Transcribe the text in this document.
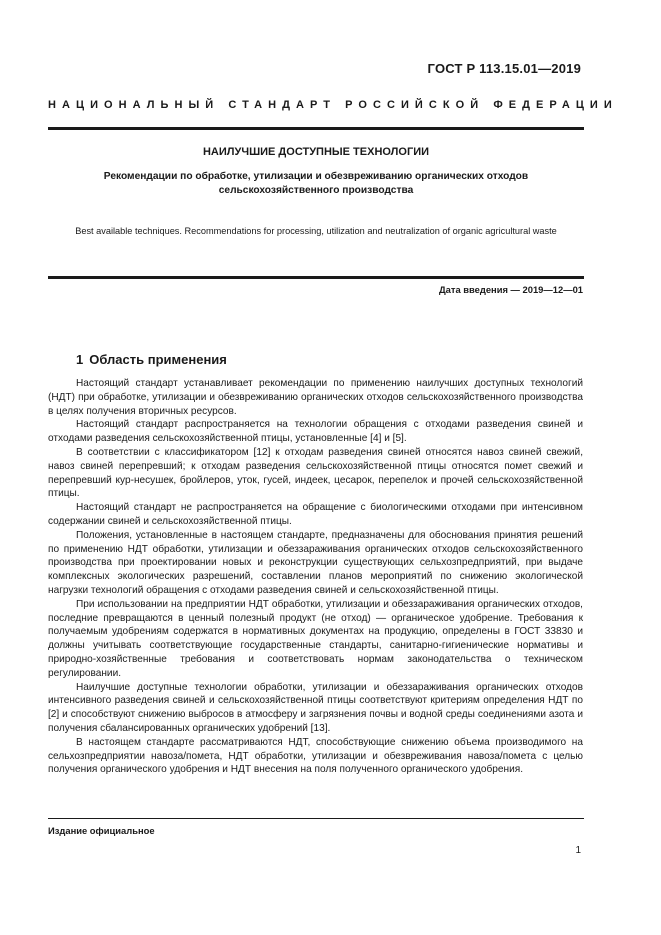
ГОСТ Р 113.15.01—2019
НАЦИОНАЛЬНЫЙ СТАНДАРТ РОССИЙСКОЙ ФЕДЕРАЦИИ
НАИЛУЧШИЕ ДОСТУПНЫЕ ТЕХНОЛОГИИ
Рекомендации по обработке, утилизации и обезвреживанию органических отходов сельскохозяйственного производства
Best available techniques. Recommendations for processing, utilization and neutralization of organic agricultural waste
Дата введения — 2019—12—01
1 Область применения

Настоящий стандарт устанавливает рекомендации по применению наилучших доступных технологий (НДТ) при обработке, утилизации и обезвреживанию органических отходов сельскохозяйственного производства в целях получения вторичных ресурсов.

Настоящий стандарт распространяется на технологии обращения с отходами разведения свиней и отходами разведения сельскохозяйственной птицы, установленные [4] и [5].

В соответствии с классификатором [12] к отходам разведения свиней относятся навоз свиней свежий, навоз свиней перепревший; к отходам разведения сельскохозяйственной птицы относятся помет свежий и перепревший кур-несушек, бройлеров, уток, гусей, индеек, цесарок, перепелок и прочей сельскохозяйственной птицы.

Настоящий стандарт не распространяется на обращение с биологическими отходами при интенсивном содержании свиней и сельскохозяйственной птицы.

Положения, установленные в настоящем стандарте, предназначены для обоснования принятия решений по применению НДТ обработки, утилизации и обеззараживания органических отходов сельскохозяйственного производства при проектировании новых и реконструкции существующих сельхозпредприятий, при выдаче комплексных экологических разрешений, составлении планов мероприятий по снижению экологической нагрузки технологий обращения с отходами разведения свиней и сельскохозяйственной птицы.

При использовании на предприятии НДТ обработки, утилизации и обеззараживания органических отходов, последние превращаются в ценный полезный продукт (не отход) — органическое удобрение. Требования к получаемым удобрениям содержатся в нормативных документах на продукцию, определены в ГОСТ 33830 и должны учитывать соответствующие государственные стандарты, санитарно-гигиенические нормативы и природно-хозяйственные требования и соответствовать нормам законодательства о техническом регулировании.

Наилучшие доступные технологии обработки, утилизации и обеззараживания органических отходов интенсивного разведения свиней и сельскохозяйственной птицы соответствуют критериям определения НДТ по [2] и способствуют снижению выбросов в атмосферу и загрязнения почвы и водной среды соединениями азота и получения сбалансированных органических удобрений [13].

В настоящем стандарте рассматриваются НДТ, способствующие снижению объема производимого на сельхозпредприятии навоза/помета, НДТ обработки, утилизации и обезвреживания навоза/помета с целью получения органического удобрения и НДТ внесения на поля полученного органического удобрения.

Издание официальное
1
